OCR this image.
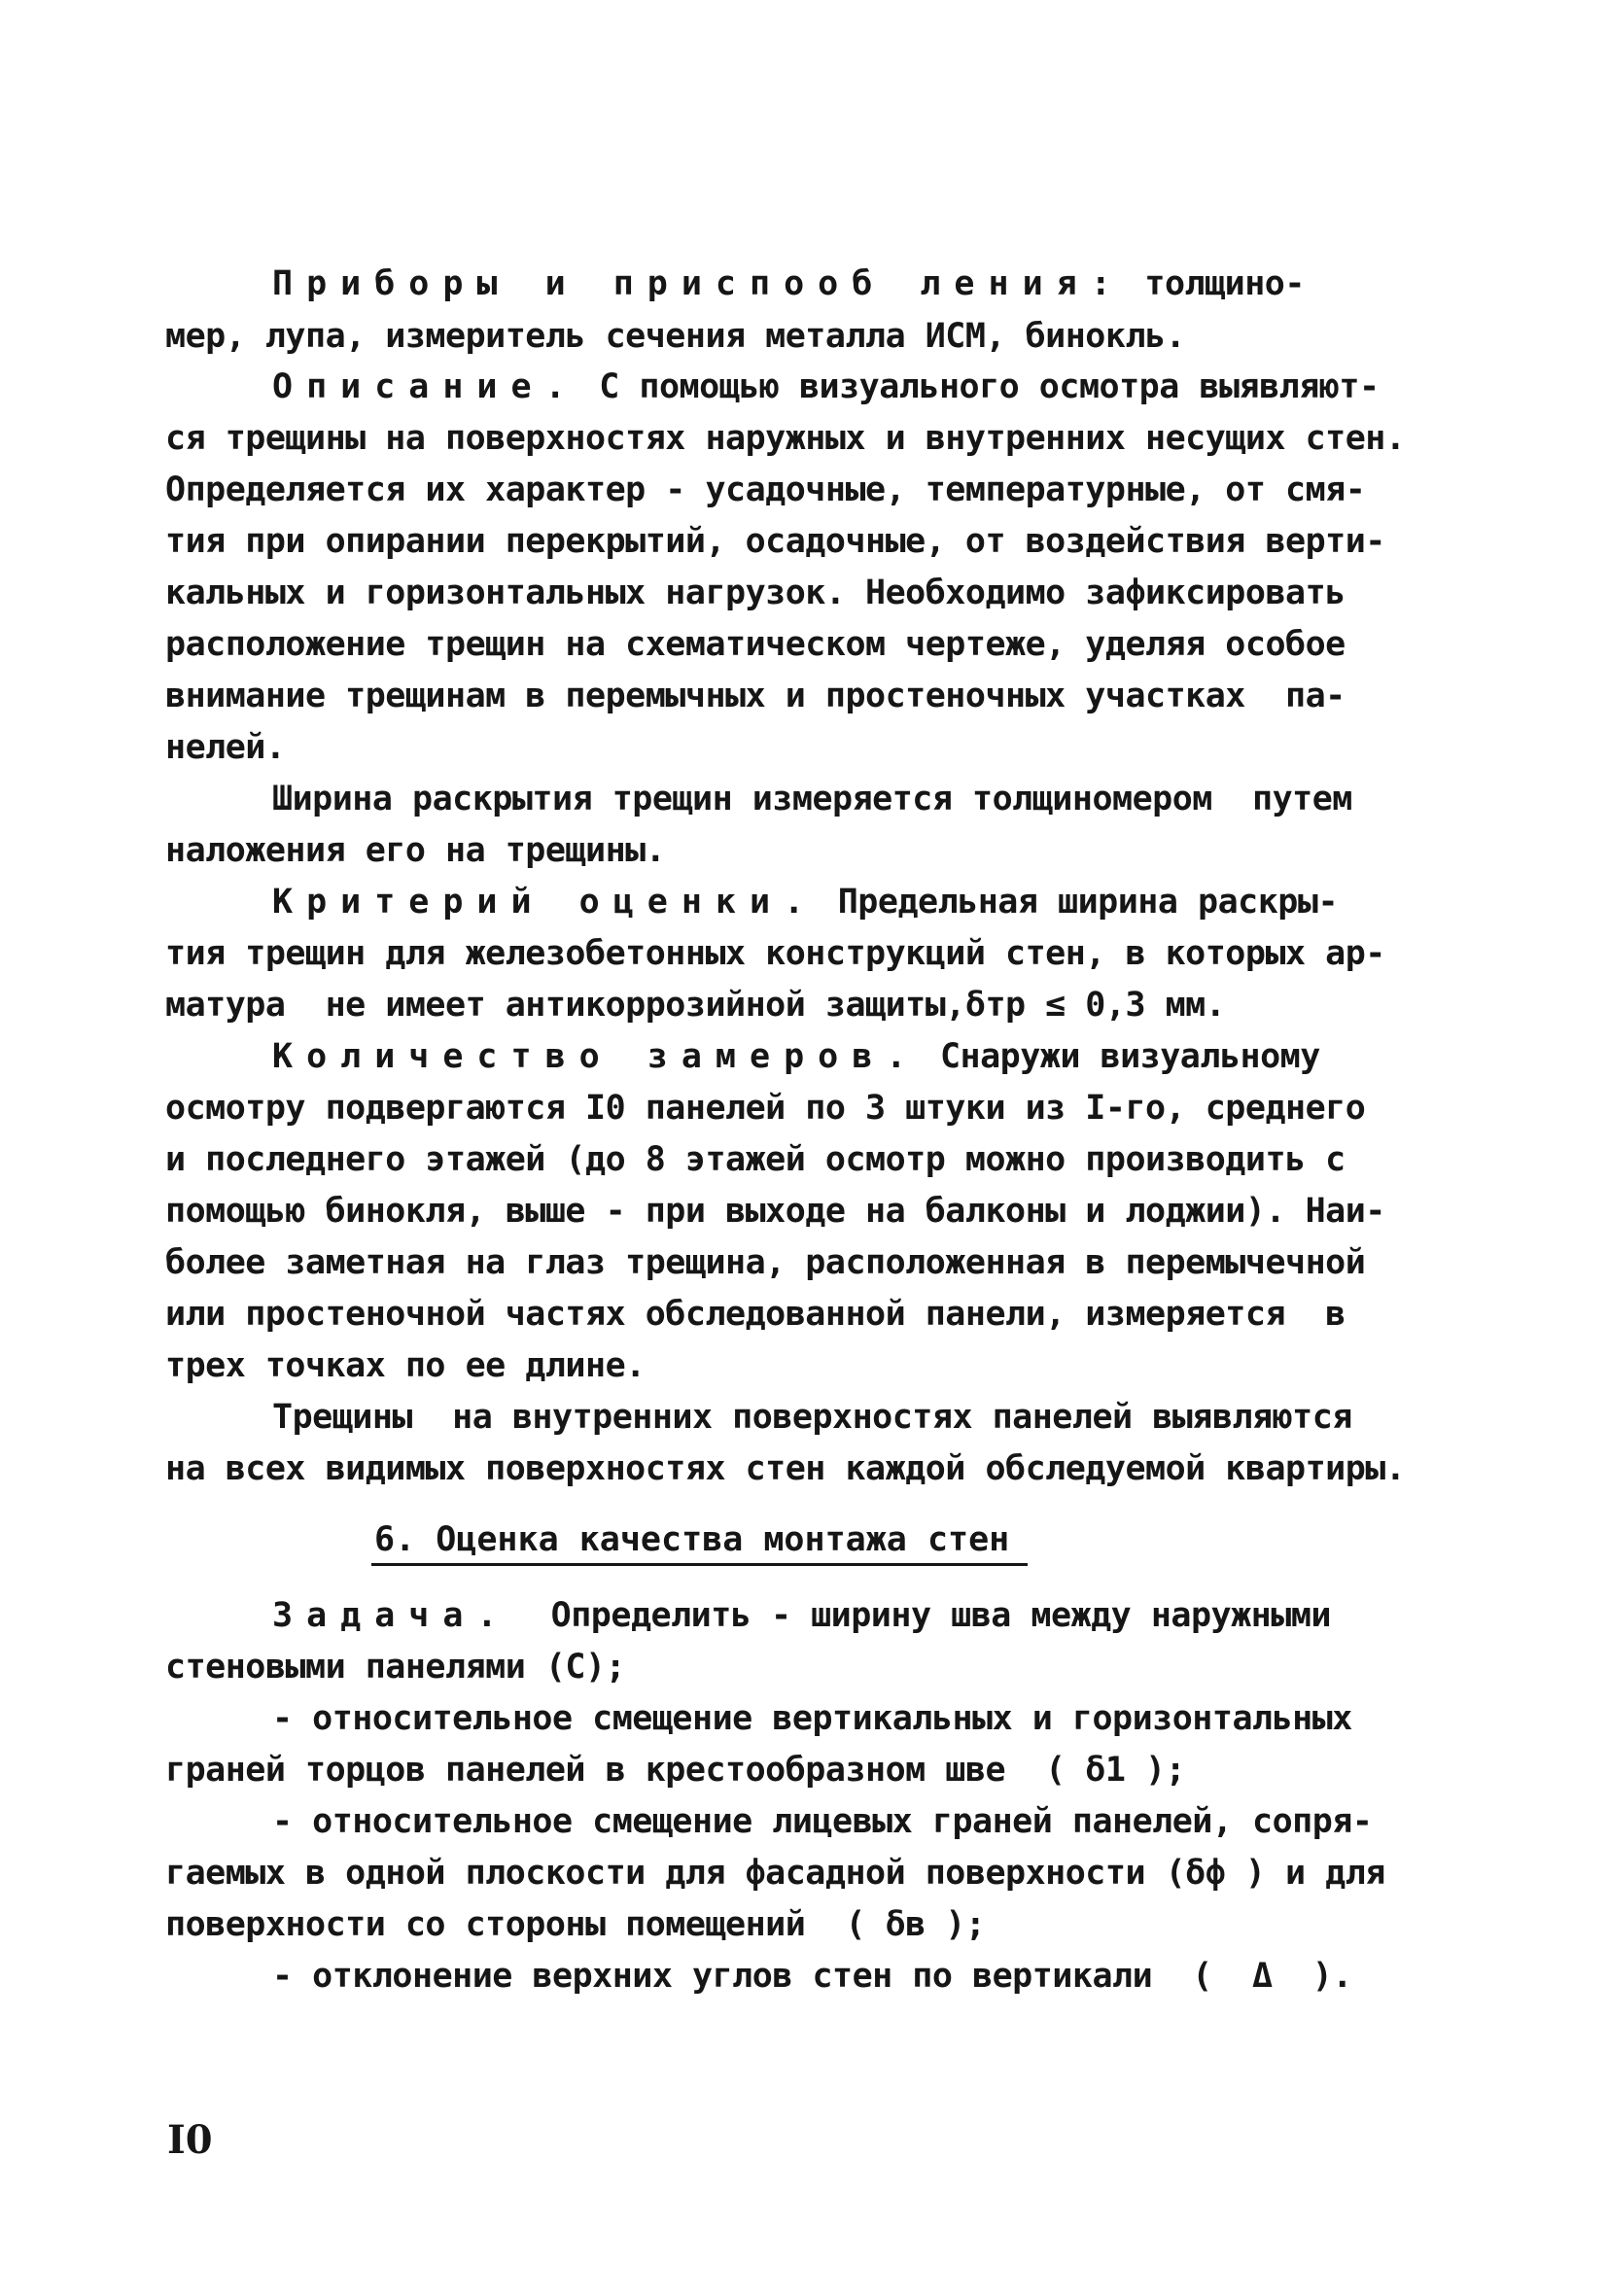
Приборы и приспооб ления: толщино-
мер, лупа, измеритель сечения металла ИСМ, бинокль.
Описание. С помощью визуального осмотра выявляют-
ся трещины на поверхностях наружных и внутренних несущих стен.
Определяется их характер - усадочные, температурные, от смя-
тия при опирании перекрытий, осадочные, от воздействия верти-
кальных и горизонтальных нагрузок. Необходимо зафиксировать
расположение трещин на схематическом чертеже, уделяя особое
внимание трещинам в перемычных и простеночных участках  па-
нелей.
Ширина раскрытия трещин измеряется толщиномером  путем
наложения его на трещины.
Критерий оценки. Предельная ширина раскры-
тия трещин для железобетонных конструкций стен, в которых ар-
матура  не имеет антикоррозийной защиты,δтр ≤ 0,3 мм.
Количество замеров. Снаружи визуальному
осмотру подвергаются I0 панелей по 3 штуки из I-го, среднего
и последнего этажей (до 8 этажей осмотр можно производить с
помощью бинокля, выше - при выходе на балконы и лоджии). Наи-
более заметная на глаз трещина, расположенная в перемычечной
или простеночной частях обследованной панели, измеряется  в
трех точках по ее длине.
Трещины  на внутренних поверхностях панелей выявляются
на всех видимых поверхностях стен каждой обследуемой квартиры.
6. Оценка качества монтажа стен
Задача.  Определить - ширину шва между наружными
стеновыми панелями (С);
- относительное смещение вертикальных и горизонтальных
граней торцов панелей в крестообразном шве  ( δ1 );
- относительное смещение лицевых граней панелей, сопря-
гаемых в одной плоскости для фасадной поверхности (δф ) и для
поверхности со стороны помещений  ( δв );
- отклонение верхних углов стен по вертикали  (  Δ  ).
I0
